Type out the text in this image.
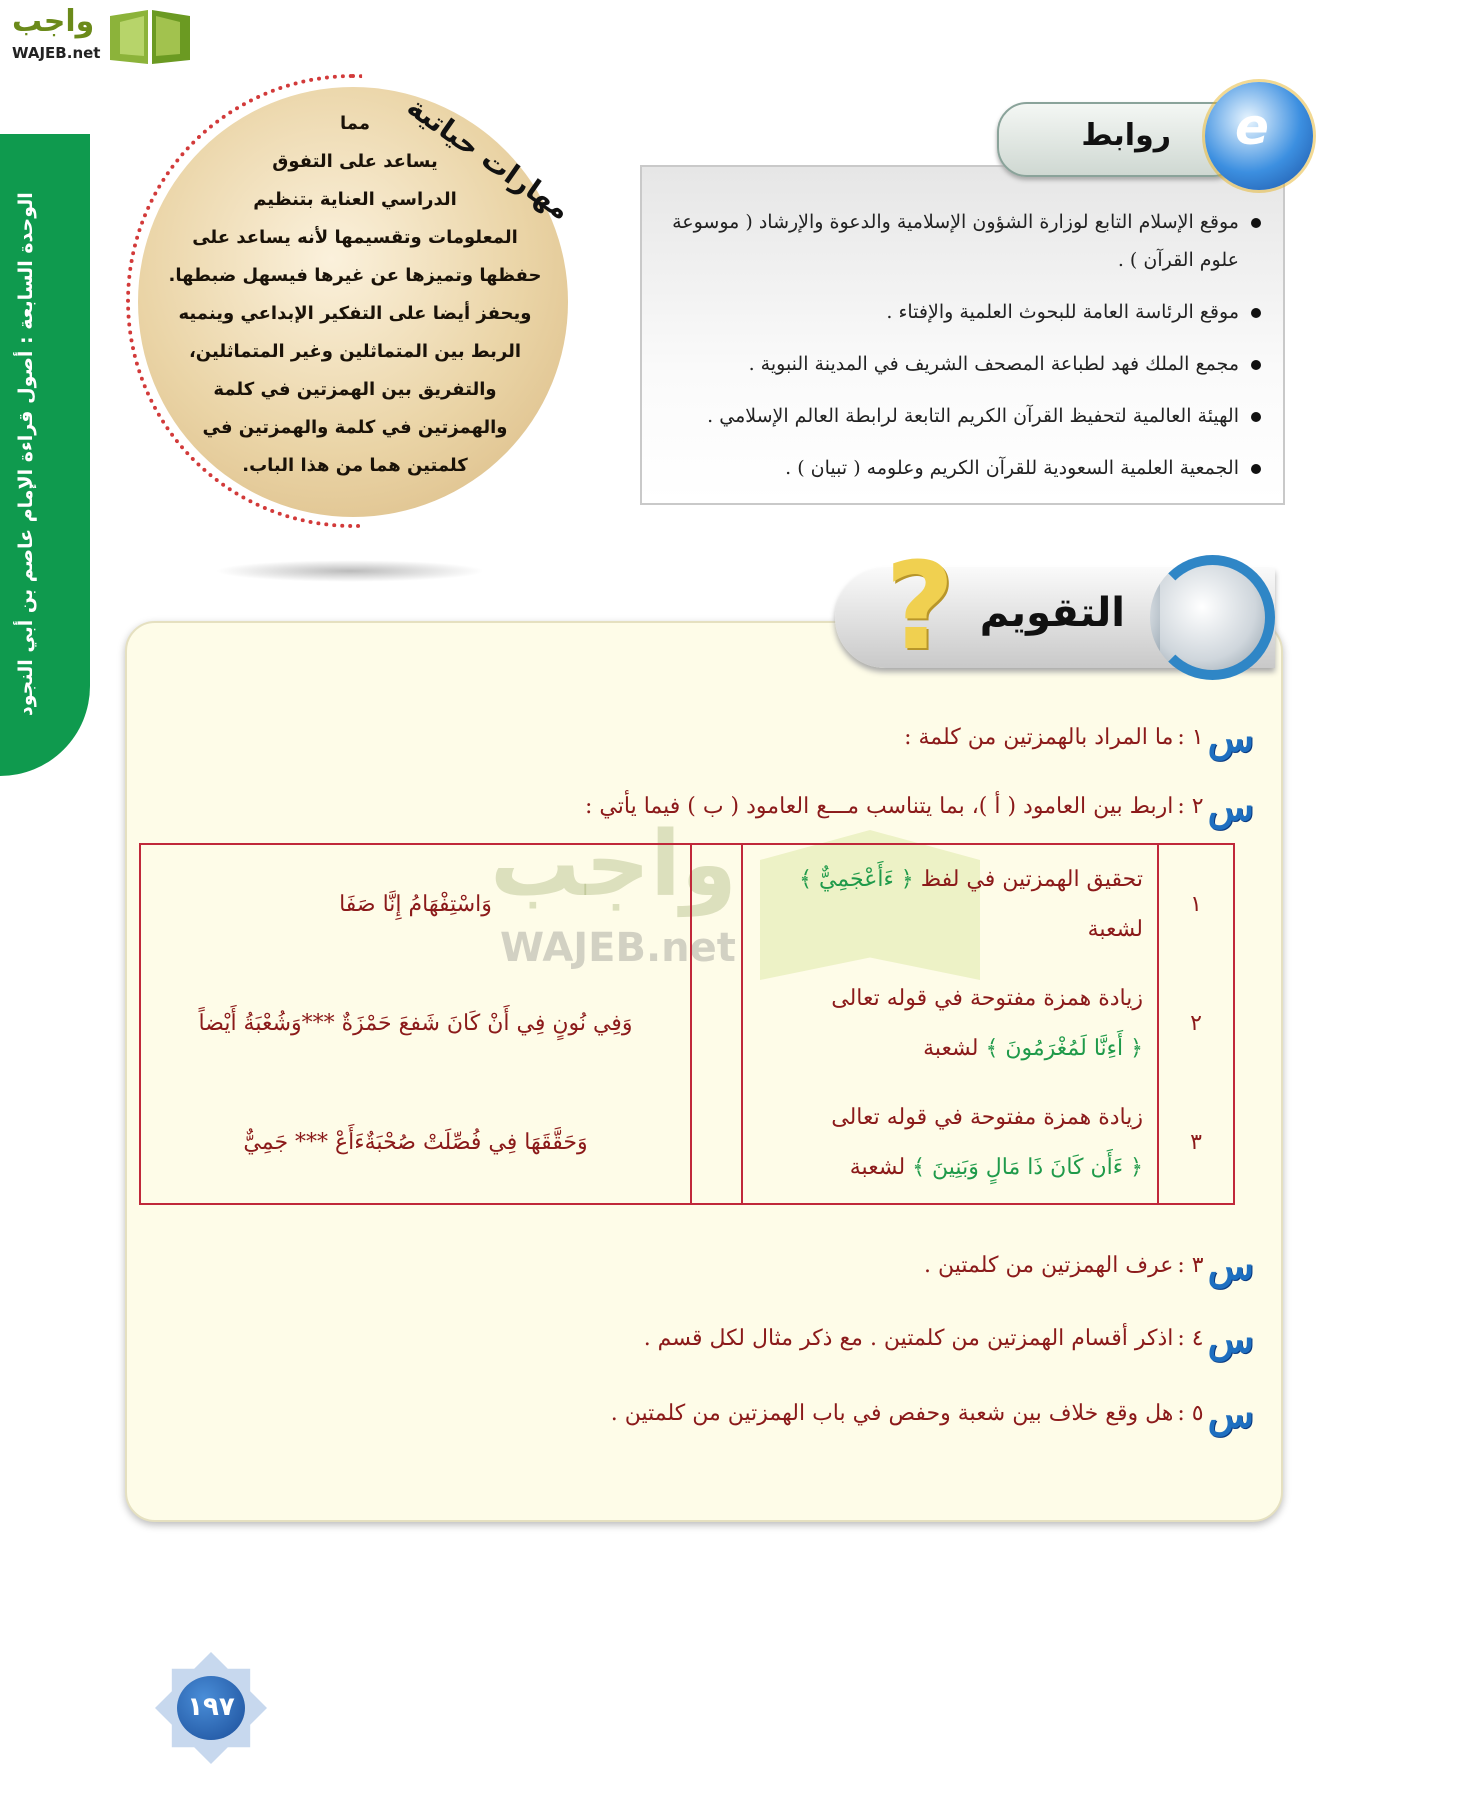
واجب
WAJEB.net
الوحدة السابعة : أصول قراءة الإمام عاصم بن أبي النجود
مهارات حياتية
مما
يساعد على التفوق
الدراسي العناية بتنظيم
المعلومات وتقسيمها لأنه يساعد على
حفظها وتميزها عن غيرها فيسهل ضبطها.
ويحفز أيضا على التفكير الإبداعي وينميه
الربط بين المتماثلين وغير المتماثلين،
والتفريق بين الهمزتين في كلمة
والهمزتين في كلمة والهمزتين في
كلمتين هما من هذا الباب.
موقع الإسلام التابع لوزارة الشؤون الإسلامية والدعوة والإرشاد ( موسوعة علوم القرآن ) .
موقع الرئاسة العامة للبحوث العلمية والإفتاء .
مجمع الملك فهد لطباعة المصحف الشريف في المدينة النبوية .
الهيئة العالمية لتحفيظ القرآن الكريم التابعة لرابطة العالم الإسلامي .
الجمعية العلمية السعودية للقرآن الكريم وعلومه ( تبيان ) .
روابط e
التقويم
?
واجب
WAJEB.net
س
١ :
ما المراد بالهمزتين من كلمة :
س
٢ :
اربط بين العامود ( أ )، بما يتناسب مـــع العامود ( ب ) فيما يأتي :
١	تحقيق الهمزتين في لفظ ﴿ ءَأَعْجَمِيٌّ ﴾
لشعبة		وَاسْتِفْهَامُ إِنَّا صَفَا
٢	زيادة همزة مفتوحة في قوله تعالى
﴿ أَءِنَّا لَمُغْرَمُونَ ﴾ لشعبة		وَفِي نُونٍ فِي أَنْ كَانَ شَفعَ حَمْزَةٌ ***وَشُعْبَةُ أَيْضاً
٣	زيادة همزة مفتوحة في قوله تعالى
﴿ ءَأَن كَانَ ذَا مَالٍ وَبَنِينَ ﴾ لشعبة		وَحَقَّقَهَا فِي فُصِّلَتْ صُحْبَةٌءَأَعْ *** جَمِيٌّ
س
٣ :
عرف الهمزتين من كلمتين .
س
٤ :
اذكر أقسام الهمزتين من كلمتين . مع ذكر مثال لكل قسم .
س
٥ :
هل وقع خلاف بين شعبة وحفص في باب الهمزتين من كلمتين .
١٩٧
